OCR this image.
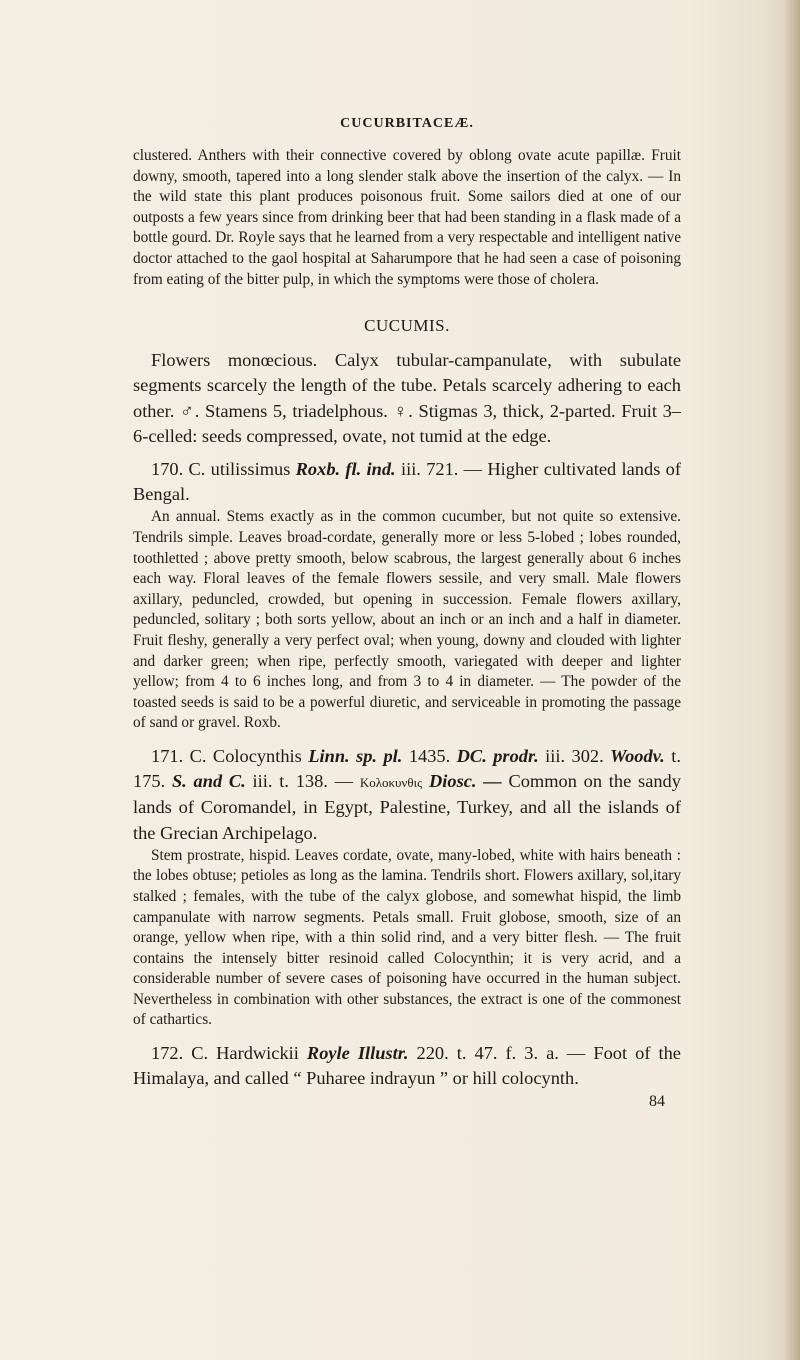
CUCURBITACEÆ.

clustered. Anthers with their connective covered by oblong ovate acute papillæ. Fruit downy, smooth, tapered into a long slender stalk above the insertion of the calyx. — In the wild state this plant produces poisonous fruit. Some sailors died at one of our outposts a few years since from drinking beer that had been standing in a flask made of a bottle gourd. Dr. Royle says that he learned from a very respectable and intelligent native doctor attached to the gaol hospital at Saharumpore that he had seen a case of poisoning from eating of the bitter pulp, in which the symptoms were those of cholera.

CUCUMIS.

Flowers monœcious. Calyx tubular-campanulate, with subulate segments scarcely the length of the tube. Petals scarcely adhering to each other. ♂. Stamens 5, triadelphous. ♀. Stigmas 3, thick, 2-parted. Fruit 3–6-celled: seeds compressed, ovate, not tumid at the edge.

170. C. utilissimus Roxb. fl. ind. iii. 721. — Higher cultivated lands of Bengal.

An annual. Stems exactly as in the common cucumber, but not quite so extensive. Tendrils simple. Leaves broad-cordate, generally more or less 5-lobed ; lobes rounded, toothletted ; above pretty smooth, below scabrous, the largest generally about 6 inches each way. Floral leaves of the female flowers sessile, and very small. Male flowers axillary, peduncled, crowded, but opening in succession. Female flowers axillary, peduncled, solitary ; both sorts yellow, about an inch or an inch and a half in diameter. Fruit fleshy, generally a very perfect oval; when young, downy and clouded with lighter and darker green; when ripe, perfectly smooth, variegated with deeper and lighter yellow; from 4 to 6 inches long, and from 3 to 4 in diameter. — The powder of the toasted seeds is said to be a powerful diuretic, and serviceable in promoting the passage of sand or gravel. Roxb.

171. C. Colocynthis Linn. sp. pl. 1435. DC. prodr. iii. 302. Woodv. t. 175. S. and C. iii. t. 138. — Κολοκυνθις Diosc. — Common on the sandy lands of Coromandel, in Egypt, Palestine, Turkey, and all the islands of the Grecian Archipelago.

Stem prostrate, hispid. Leaves cordate, ovate, many-lobed, white with hairs beneath : the lobes obtuse; petioles as long as the lamina. Tendrils short. Flowers axillary, sol,itary stalked ; females, with the tube of the calyx globose, and somewhat hispid, the limb campanulate with narrow segments. Petals small. Fruit globose, smooth, size of an orange, yellow when ripe, with a thin solid rind, and a very bitter flesh. — The fruit contains the intensely bitter resinoid called Colocynthin; it is very acrid, and a considerable number of severe cases of poisoning have occurred in the human subject. Nevertheless in combination with other substances, the extract is one of the commonest of cathartics.

172. C. Hardwickii Royle Illustr. 220. t. 47. f. 3. a. — Foot of the Himalaya, and called “ Puharee indrayun ” or hill colocynth.

84
